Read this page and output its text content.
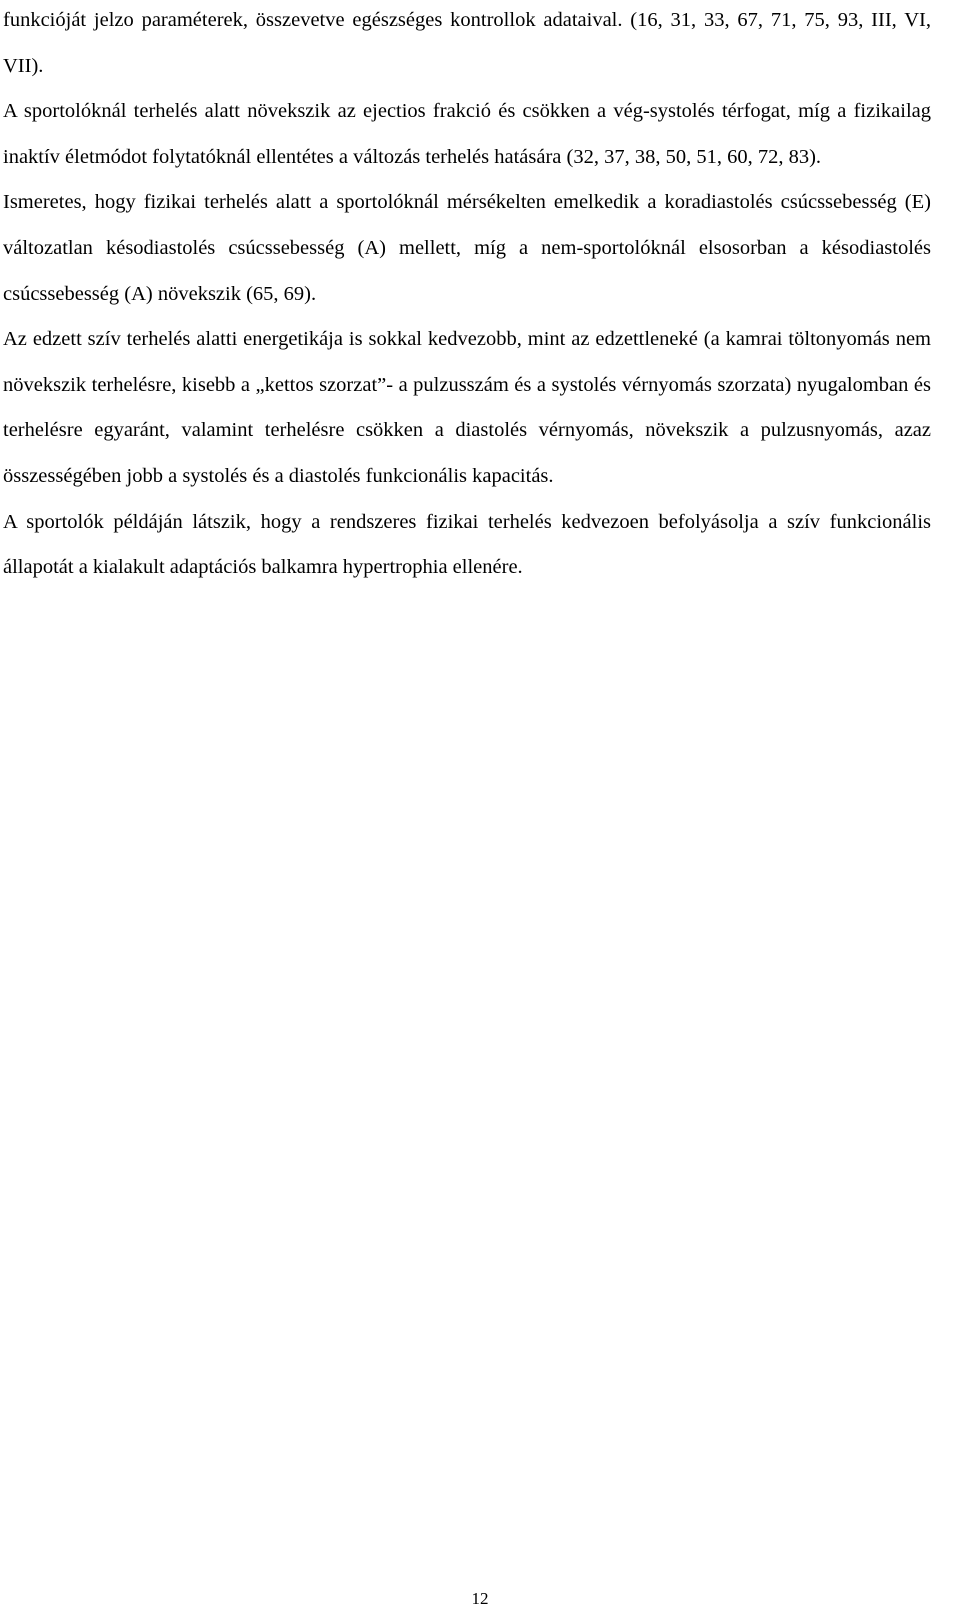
funkcióját jelzo paraméterek, összevetve egészséges kontrollok adataival. (16, 31, 33, 67, 71, 75, 93, III, VI, VII).

A sportolóknál terhelés alatt növekszik az ejectios frakció és csökken a vég-systolés térfogat, míg a fizikailag inaktív életmódot folytatóknál ellentétes a változás terhelés hatására (32, 37, 38, 50, 51, 60, 72, 83).

Ismeretes, hogy fizikai terhelés alatt a sportolóknál mérsékelten emelkedik a koradiastolés csúcssebesség (E) változatlan késodiastolés csúcssebesség (A) mellett, míg a nem-sportolóknál elsosorban a késodiastolés csúcssebesség (A) növekszik (65, 69).

Az edzett szív terhelés alatti energetikája is sokkal kedvezobb, mint az edzettleneké (a kamrai töltonyomás nem növekszik terhelésre, kisebb a „kettos szorzat”- a pulzusszám és a systolés vérnyomás szorzata) nyugalomban és terhelésre egyaránt, valamint terhelésre csökken a diastolés vérnyomás, növekszik a pulzusnyomás, azaz összességében jobb a systolés és a diastolés funkcionális kapacitás.

A sportolók példáján látszik, hogy a rendszeres fizikai terhelés kedvezoen befolyásolja a szív funkcionális állapotát a kialakult adaptációs balkamra hypertrophia ellenére.

12
